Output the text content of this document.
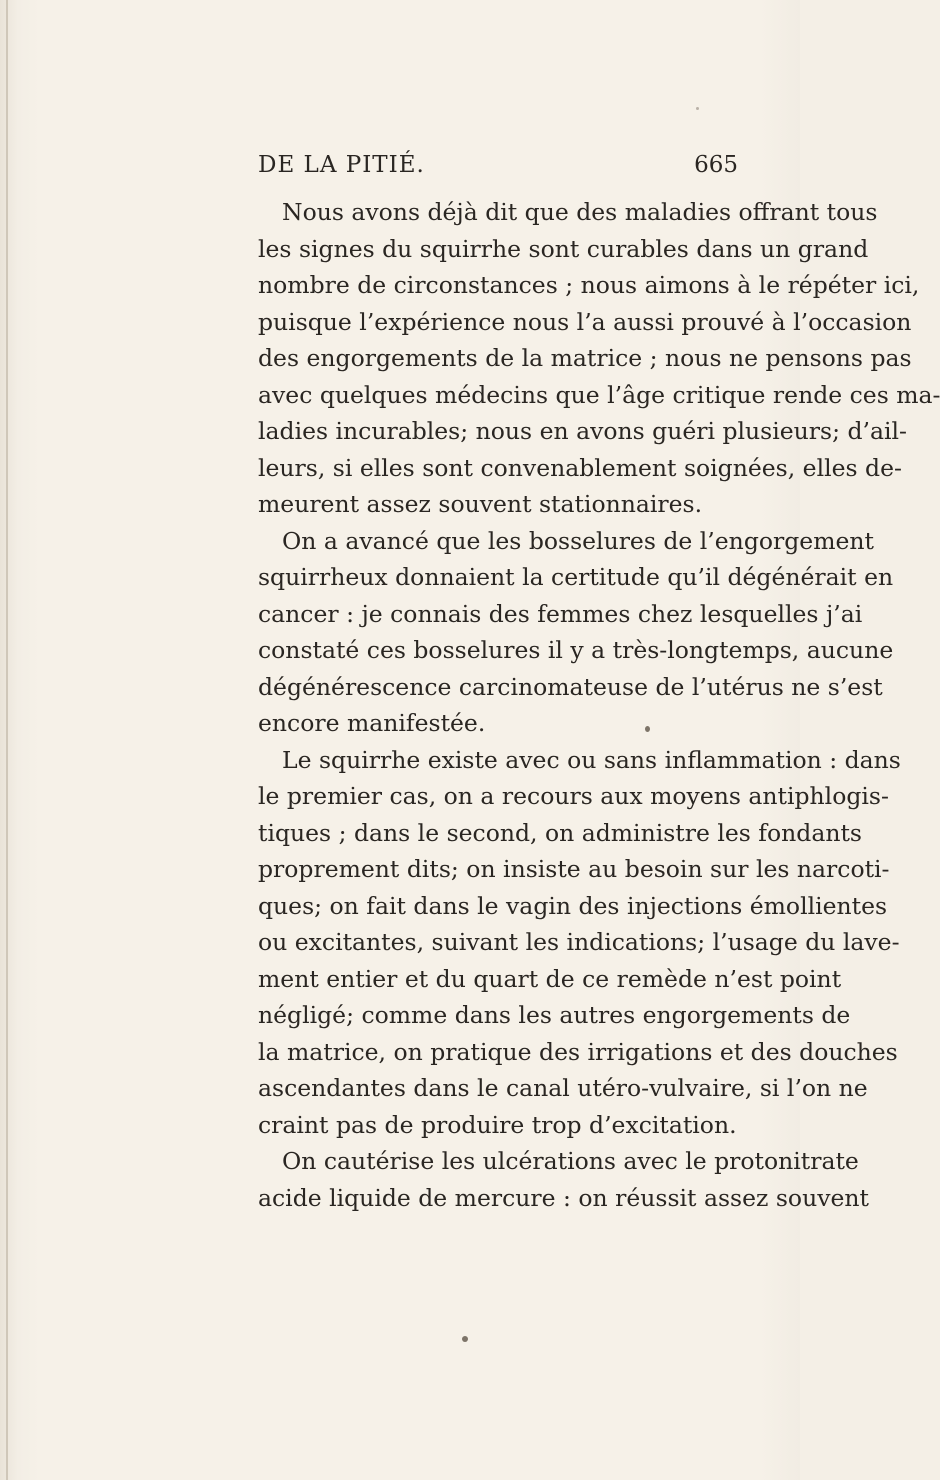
DE LA PITIÉ.	665
Nous avons déjà dit que des maladies offrant tous
les signes du squirrhe sont curables dans un grand
nombre de circonstances ; nous aimons à le répéter ici,
puisque l’expérience nous l’a aussi prouvé à l’occasion
des engorgements de la matrice ; nous ne pensons pas
avec quelques médecins que l’âge critique rende ces ma-
ladies incurables; nous en avons guéri plusieurs; d’ail-
leurs, si elles sont convenablement soignées, elles de-
meurent assez souvent stationnaires.
On a avancé que les bosselures de l’engorgement
squirrheux donnaient la certitude qu’il dégénérait en
cancer : je connais des femmes chez lesquelles j’ai
constaté ces bosselures il y a très-longtemps, aucune
dégénérescence carcinomateuse de l’utérus ne s’est
encore manifestée.
Le squirrhe existe avec ou sans inflammation : dans
le premier cas, on a recours aux moyens antiphlogis-
tiques ; dans le second, on administre les fondants
proprement dits; on insiste au besoin sur les narcoti-
ques; on fait dans le vagin des injections émollientes
ou excitantes, suivant les indications; l’usage du lave-
ment entier et du quart de ce remède n’est point
négligé; comme dans les autres engorgements de
la matrice, on pratique des irrigations et des douches
ascendantes dans le canal utéro-vulvaire, si l’on ne
craint pas de produire trop d’excitation.
On cautérise les ulcérations avec le protonitrate
acide liquide de mercure : on réussit assez souvent
